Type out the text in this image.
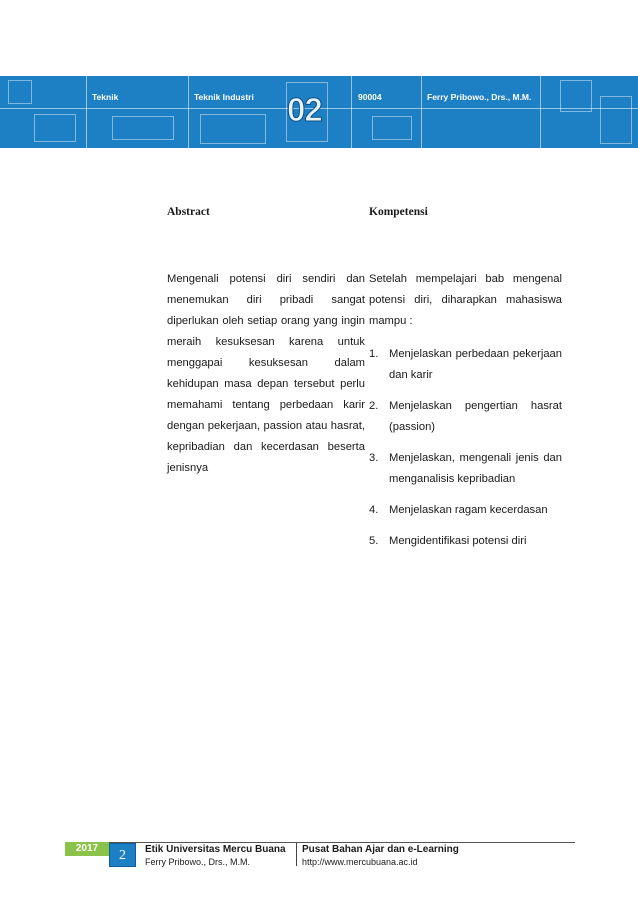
Teknik	Teknik Industri	90004	Ferry Pribowo., Drs., M.M.
02
Abstract
Mengenali potensi diri sendiri dan menemukan diri pribadi sangat diperlukan oleh setiap orang yang ingin meraih kesuksesan karena untuk menggapai kesuksesan dalam kehidupan masa depan tersebut perlu memahami tentang perbedaan karir dengan pekerjaan, passion atau hasrat, kepribadian dan kecerdasan beserta jenisnya
Kompetensi
Setelah mempelajari bab mengenal potensi diri, diharapkan mahasiswa mampu :
1. Menjelaskan perbedaan pekerjaan dan karir
2. Menjelaskan pengertian hasrat (passion)
3. Menjelaskan, mengenali jenis dan menganalisis kepribadian
4. Menjelaskan ragam kecerdasan
5. Mengidentifikasi potensi diri
2017	2	Etik Universitas Mercu Buana
Ferry Pribowo., Drs., M.M.
Pusat Bahan Ajar dan e-Learning
http://www.mercubuana.ac.id
